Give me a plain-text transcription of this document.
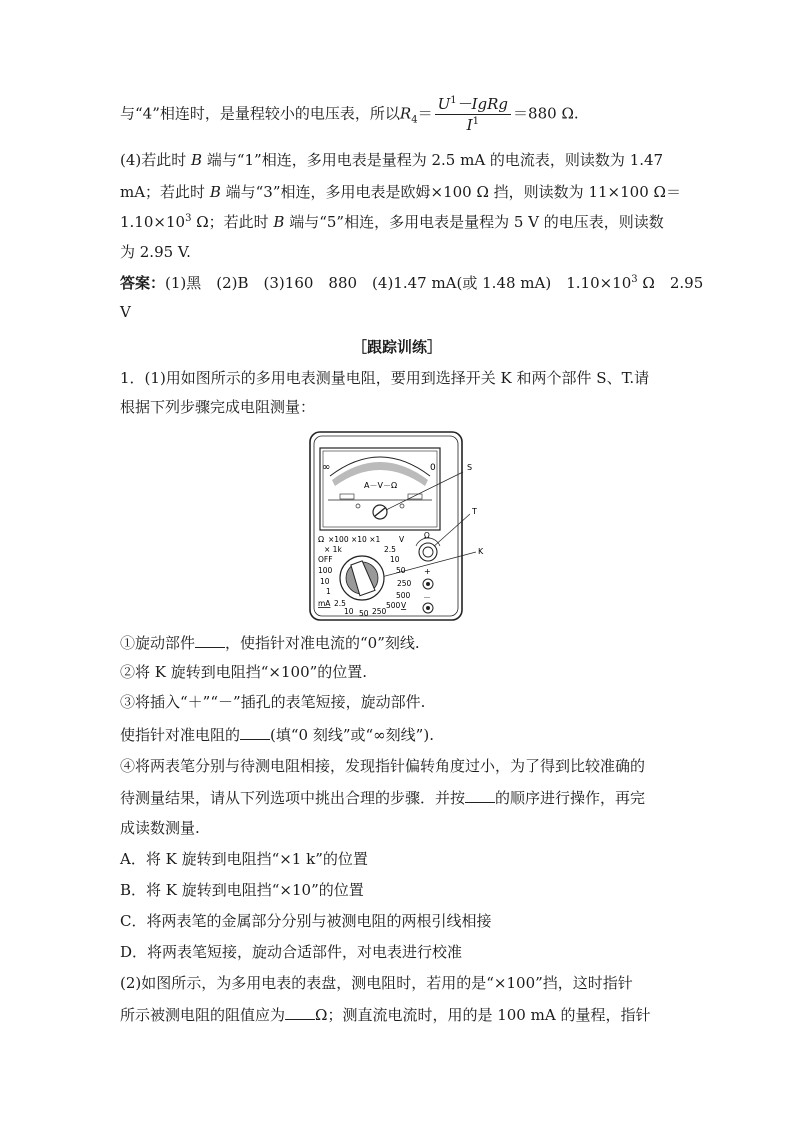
与“4”相连时，是量程较小的电压表，所以$R_4= \frac{U^1-IgRg}{I^1} =880$ Ω.
(4)若此时 B 端与“1”相连，多用电表是量程为 2.5 mA 的电流表，则读数为 1.47
mA；若此时 B 端与“3”相连，多用电表是欧姆×100 Ω 挡，则读数为 11×100 Ω＝
$1.10\times 10^3$ Ω；若此时 B 端与“5”相连，多用电表是量程为 5 V 的电压表，则读数
为 2.95 V.
答案：(1)黑　(2)B　(3)160　880　(4)1.47 mA(或 1.48 mA)　$1.10\times 10^3$ Ω　2.95
V
［跟踪训练］
1．(1)用如图所示的多用电表测量电阻，要用到选择开关 K 和两个部件 S、T.请
根据下列步骤完成电阻测量：
∞	0
A－V－Ω
S
T
K
Ω ×100 ×10 ×1 V
× 1k
OFF
100
10
1
mA 2.5
10 50 250
2.5
10
50
250
500
500 V
Ω
+
－
①旋动部件 ，使指针对准电流的“0”刻线.
②将 K 旋转到电阻挡“×100”的位置.
③将插入“＋”“－”插孔的表笔短接，旋动部件.
使指针对准电阻的 (填“0 刻线”或“∞刻线”).
④将两表笔分别与待测电阻相接，发现指针偏转角度过小，为了得到比较准确的
待测量结果，请从下列选项中挑出合理的步骤．并按 的顺序进行操作，再完
成读数测量.
A．将 K 旋转到电阻挡“×1 k”的位置
B．将 K 旋转到电阻挡“×10”的位置
C．将两表笔的金属部分分别与被测电阻的两根引线相接
D．将两表笔短接，旋动合适部件，对电表进行校准
(2)如图所示，为多用电表的表盘，测电阻时，若用的是“×100”挡，这时指针
所示被测电阻的阻值应为 Ω；测直流电流时，用的是 100 mA 的量程，指针
